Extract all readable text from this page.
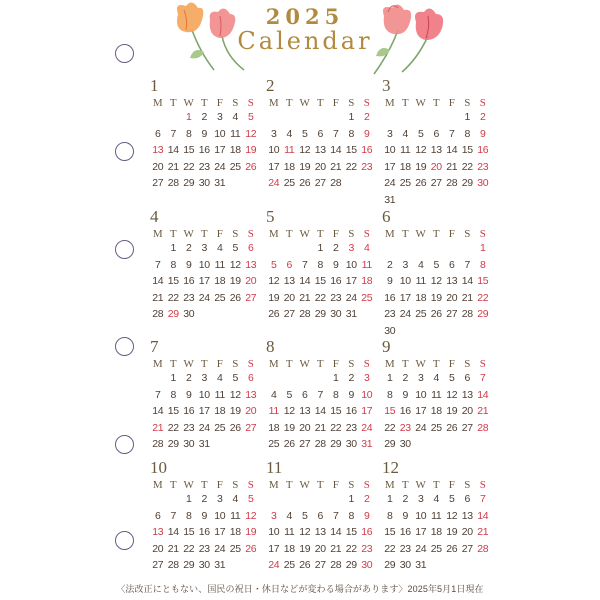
2025
Calendar
1
M T W T F S S
1 2 3 4 5
6 7 8 9 10 11 12
13 14 15 16 17 18 19
20 21 22 23 24 25 26
27 28 29 30 31
2
M T W T F S S
1 2
3 4 5 6 7 8 9
10 11 12 13 14 15 16
17 18 19 20 21 22 23
24 25 26 27 28
3
M T W T F S S
1 2
3 4 5 6 7 8 9
10 11 12 13 14 15 16
17 18 19 20 21 22 23
24 25 26 27 28 29 30
31
4
M T W T F S S
1 2 3 4 5 6
7 8 9 10 11 12 13
14 15 16 17 18 19 20
21 22 23 24 25 26 27
28 29 30
5
M T W T F S S
1 2 3 4
5 6 7 8 9 10 11
12 13 14 15 16 17 18
19 20 21 22 23 24 25
26 27 28 29 30 31
6
M T W T F S S
1
2 3 4 5 6 7 8
9 10 11 12 13 14 15
16 17 18 19 20 21 22
23 24 25 26 27 28 29
30
7
M T W T F S S
1 2 3 4 5 6
7 8 9 10 11 12 13
14 15 16 17 18 19 20
21 22 23 24 25 26 27
28 29 30 31
8
M T W T F S S
1 2 3
4 5 6 7 8 9 10
11 12 13 14 15 16 17
18 19 20 21 22 23 24
25 26 27 28 29 30 31
9
M T W T F S S
1 2 3 4 5 6 7
8 9 10 11 12 13 14
15 16 17 18 19 20 21
22 23 24 25 26 27 28
29 30
10
M T W T F S S
1 2 3 4 5
6 7 8 9 10 11 12
13 14 15 16 17 18 19
20 21 22 23 24 25 26
27 28 29 30 31
11
M T W T F S S
1 2
3 4 5 6 7 8 9
10 11 12 13 14 15 16
17 18 19 20 21 22 23
24 25 26 27 28 29 30
12
M T W T F S S
1 2 3 4 5 6 7
8 9 10 11 12 13 14
15 16 17 18 19 20 21
22 23 24 25 26 27 28
29 30 31
〈法改正にともない、国民の祝日・休日などが変わる場合があります〉2025年5月1日現在
